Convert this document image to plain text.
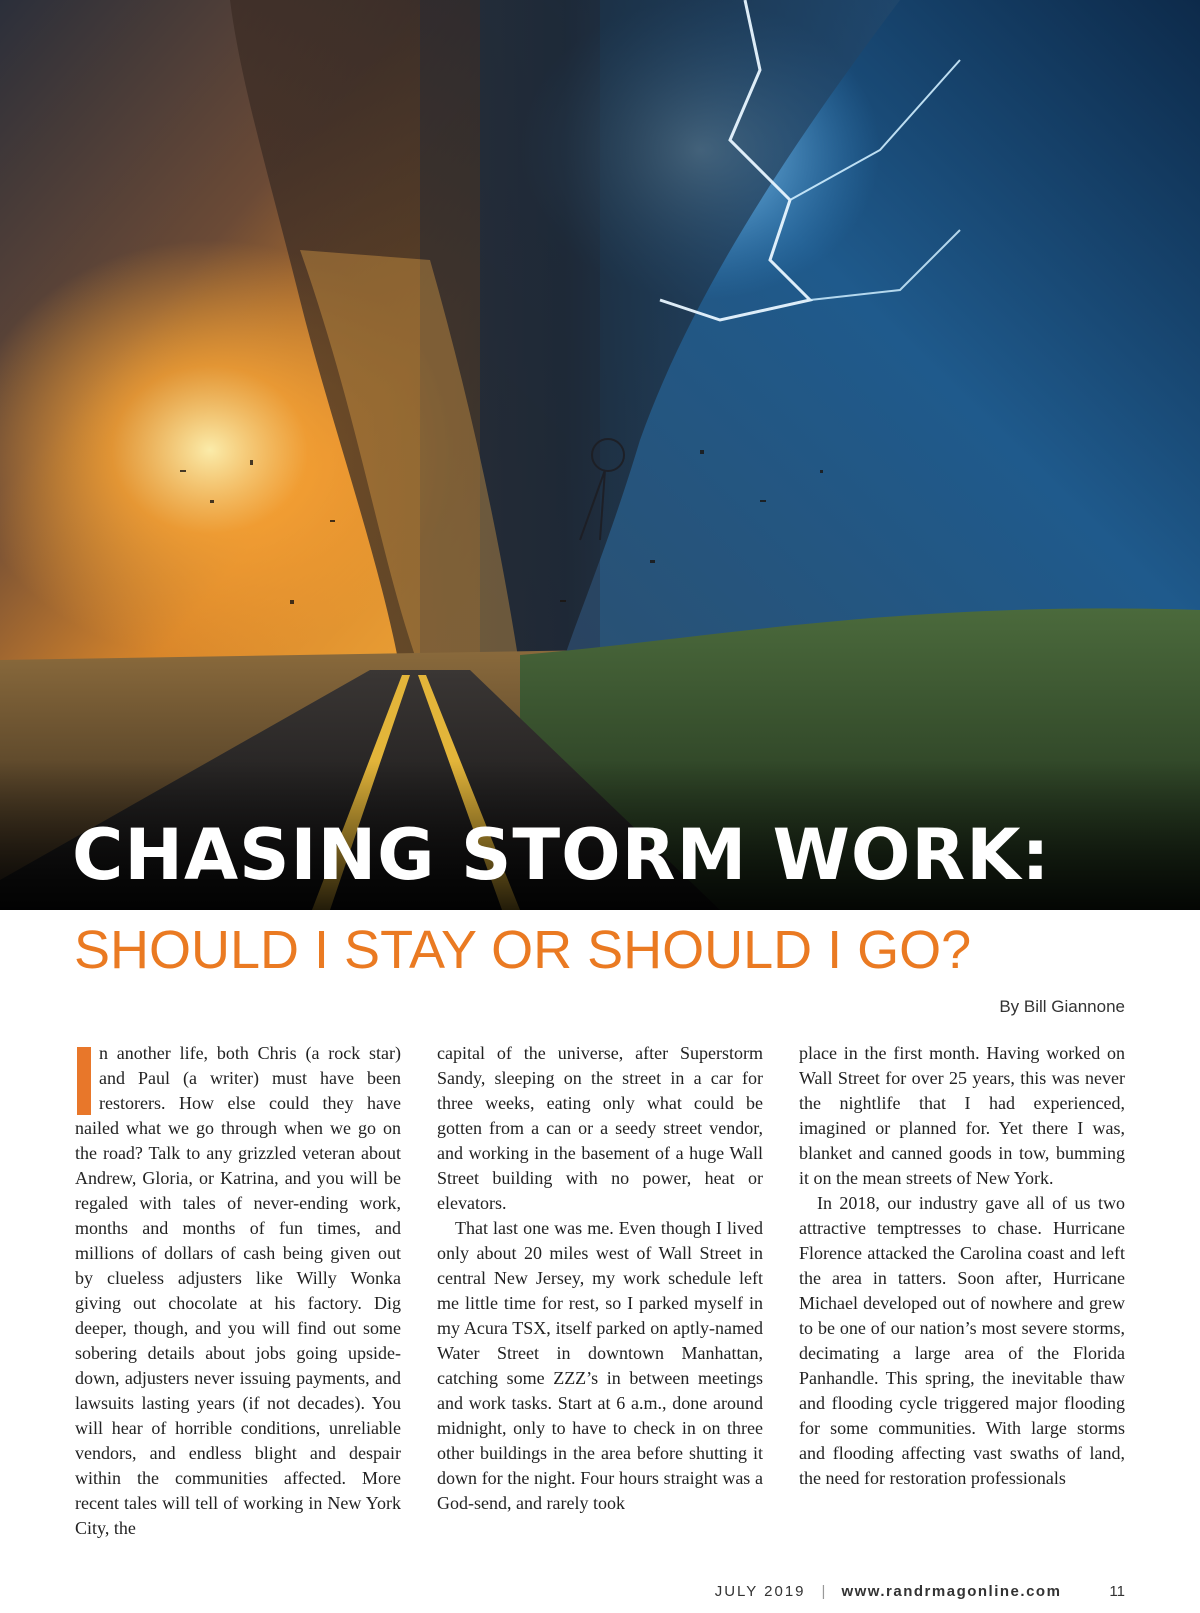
CHASING STORM WORK:
SHOULD I STAY OR SHOULD I GO?
By Bill Giannone

n another life, both Chris (a rock star) and Paul (a writer) must have been restorers. How else could they have nailed what we go through when we go on the road? Talk to any grizzled veteran about Andrew, Gloria, or Katrina, and you will be regaled with tales of never-ending work, months and months of fun times, and millions of dollars of cash being given out by clueless adjusters like Willy Wonka giving out chocolate at his factory. Dig deeper, though, and you will find out some sobering details about jobs going upside-down, adjusters never issuing payments, and lawsuits lasting years (if not decades). You will hear of horrible conditions, unreliable vendors, and endless blight and despair within the communities affected. More recent tales will tell of working in New York City, the

capital of the universe, after Superstorm Sandy, sleeping on the street in a car for three weeks, eating only what could be gotten from a can or a seedy street vendor, and working in the basement of a huge Wall Street building with no power, heat or elevators.

That last one was me. Even though I lived only about 20 miles west of Wall Street in central New Jersey, my work schedule left me little time for rest, so I parked myself in my Acura TSX, itself parked on aptly-named Water Street in downtown Manhattan, catching some ZZZ’s in between meetings and work tasks. Start at 6 a.m., done around midnight, only to have to check in on three other buildings in the area before shutting it down for the night. Four hours straight was a God-send, and rarely took

place in the first month. Having worked on Wall Street for over 25 years, this was never the nightlife that I had experienced, imagined or planned for. Yet there I was, blanket and canned goods in tow, bumming it on the mean streets of New York.

In 2018, our industry gave all of us two attractive temptresses to chase. Hurricane Florence attacked the Carolina coast and left the area in tatters. Soon after, Hurricane Michael developed out of nowhere and grew to be one of our nation’s most severe storms, decimating a large area of the Florida Panhandle. This spring, the inevitable thaw and flooding cycle triggered major flooding for some communities. With large storms and flooding affecting vast swaths of land, the need for restoration professionals

JULY 2019 | www.randrmagonline.com	11
